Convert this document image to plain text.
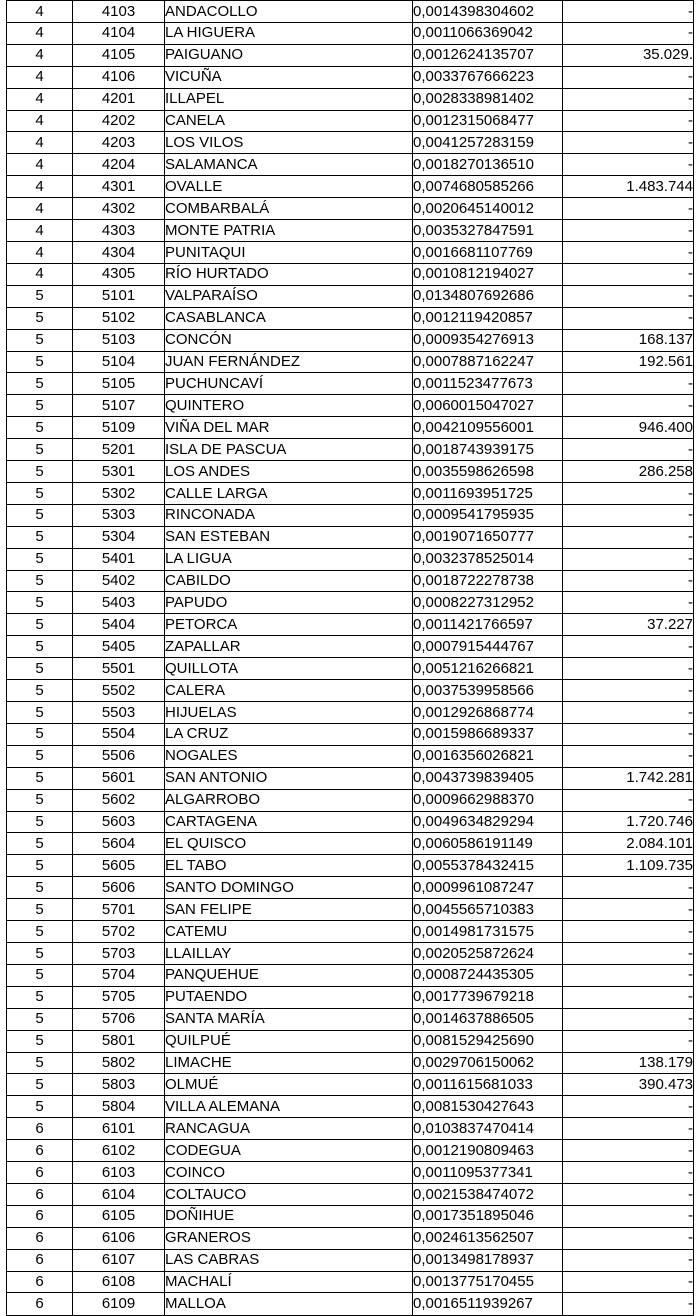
4	4103	ANDACOLLO	0,0014398304602	-
4	4104	LA HIGUERA	0,0011066369042	-
4	4105	PAIGUANO	0,0012624135707	35.029.
4	4106	VICUÑA	0,0033767666223	-
4	4201	ILLAPEL	0,0028338981402	-
4	4202	CANELA	0,0012315068477	-
4	4203	LOS VILOS	0,0041257283159	-
4	4204	SALAMANCA	0,0018270136510	-
4	4301	OVALLE	0,0074680585266	1.483.744
4	4302	COMBARBALÁ	0,0020645140012	-
4	4303	MONTE PATRIA	0,0035327847591	-
4	4304	PUNITAQUI	0,0016681107769	-
4	4305	RÍO HURTADO	0,0010812194027	-
5	5101	VALPARAÍSO	0,0134807692686	-
5	5102	CASABLANCA	0,0012119420857	-
5	5103	CONCÓN	0,0009354276913	168.137
5	5104	JUAN FERNÁNDEZ	0,0007887162247	192.561
5	5105	PUCHUNCAVÍ	0,0011523477673	-
5	5107	QUINTERO	0,0060015047027	-
5	5109	VIÑA DEL MAR	0,0042109556001	946.400
5	5201	ISLA DE PASCUA	0,0018743939175	-
5	5301	LOS ANDES	0,0035598626598	286.258
5	5302	CALLE LARGA	0,0011693951725	-
5	5303	RINCONADA	0,0009541795935	-
5	5304	SAN ESTEBAN	0,0019071650777	-
5	5401	LA LIGUA	0,0032378525014	-
5	5402	CABILDO	0,0018722278738	-
5	5403	PAPUDO	0,0008227312952	-
5	5404	PETORCA	0,0011421766597	37.227
5	5405	ZAPALLAR	0,0007915444767	-
5	5501	QUILLOTA	0,0051216266821	-
5	5502	CALERA	0,0037539958566	-
5	5503	HIJUELAS	0,0012926868774	-
5	5504	LA CRUZ	0,0015986689337	-
5	5506	NOGALES	0,0016356026821	-
5	5601	SAN ANTONIO	0,0043739839405	1.742.281
5	5602	ALGARROBO	0,0009662988370	-
5	5603	CARTAGENA	0,0049634829294	1.720.746
5	5604	EL QUISCO	0,0060586191149	2.084.101
5	5605	EL TABO	0,0055378432415	1.109.735
5	5606	SANTO DOMINGO	0,0009961087247	-
5	5701	SAN FELIPE	0,0045565710383	-
5	5702	CATEMU	0,0014981731575	-
5	5703	LLAILLAY	0,0020525872624	-
5	5704	PANQUEHUE	0,0008724435305	-
5	5705	PUTAENDO	0,0017739679218	-
5	5706	SANTA MARÍA	0,0014637886505	-
5	5801	QUILPUÉ	0,0081529425690	-
5	5802	LIMACHE	0,0029706150062	138.179
5	5803	OLMUÉ	0,0011615681033	390.473
5	5804	VILLA ALEMANA	0,0081530427643	-
6	6101	RANCAGUA	0,0103837470414	-
6	6102	CODEGUA	0,0012190809463	-
6	6103	COINCO	0,0011095377341	-
6	6104	COLTAUCO	0,0021538474072	-
6	6105	DOÑIHUE	0,0017351895046	-
6	6106	GRANEROS	0,0024613562507	-
6	6107	LAS CABRAS	0,0013498178937	-
6	6108	MACHALÍ	0,0013775170455	-
6	6109	MALLOA	0,0016511939267	-
